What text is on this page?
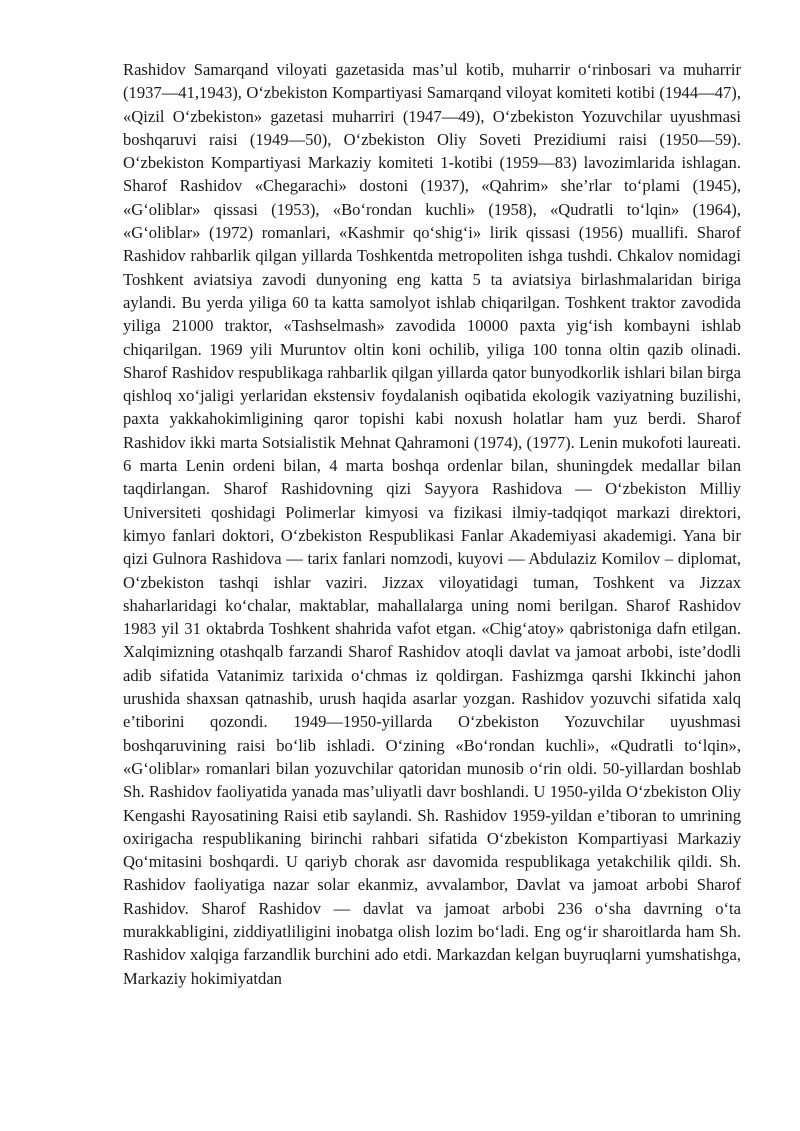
Rashidov Samarqand viloyati gazetasida mas’ul kotib, muharrir o‘rinbosari va muharrir (1937—41,1943), O‘zbekiston Kompartiyasi Samarqand viloyat komiteti kotibi (1944—47), «Qizil O‘zbekiston» gazetasi muharriri (1947—49), O‘zbekiston Yozuvchilar uyushmasi boshqaruvi raisi (1949—50), O‘zbekiston Oliy Soveti Prezidiumi raisi (1950—59). O‘zbekiston Kompartiyasi Markaziy komiteti 1-kotibi (1959—83) lavozimlarida ishlagan. Sharof Rashidov «Chegarachi» dostoni (1937), «Qahrim» she’rlar to‘plami (1945), «G‘oliblar» qissasi (1953), «Bo‘rondan kuchli» (1958), «Qudratli to‘lqin» (1964), «G‘oliblar» (1972) romanlari, «Kashmir qo‘shig‘i» lirik qissasi (1956) muallifi. Sharof Rashidov rahbarlik qilgan yillarda Toshkentda metropoliten ishga tushdi. Chkalov nomidagi Toshkent aviatsiya zavodi dunyoning eng katta 5 ta aviatsiya birlashmalaridan biriga aylandi. Bu yerda yiliga 60 ta katta samolyot ishlab chiqarilgan. Toshkent traktor zavodida yiliga 21000 traktor, «Tashselmash» zavodida 10000 paxta yig‘ish kombayni ishlab chiqarilgan. 1969 yili Muruntov oltin koni ochilib, yiliga 100 tonna oltin qazib olinadi. Sharof Rashidov respublikaga rahbarlik qilgan yillarda qator bunyodkorlik ishlari bilan birga qishloq xo‘jaligi yerlaridan ekstensiv foydalanish oqibatida ekologik vaziyatning buzilishi, paxta yakkahokimligining qaror topishi kabi noxush holatlar ham yuz berdi. Sharof Rashidov ikki marta Sotsialistik Mehnat Qahramoni (1974), (1977). Lenin mukofoti laureati. 6 marta Lenin ordeni bilan, 4 marta boshqa ordenlar bilan, shuningdek medallar bilan taqdirlangan. Sharof Rashidovning qizi Sayyora Rashidova — O‘zbekiston Milliy Universiteti qoshidagi Polimerlar kimyosi va fizikasi ilmiy-tadqiqot markazi direktori, kimyo fanlari doktori, O‘zbekiston Respublikasi Fanlar Akademiyasi akademigi. Yana bir qizi Gulnora Rashidova — tarix fanlari nomzodi, kuyovi — Abdulaziz Komilov – diplomat, O‘zbekiston tashqi ishlar vaziri. Jizzax viloyatidagi tuman, Toshkent va Jizzax shaharlaridagi ko‘chalar, maktablar, mahallalarga uning nomi berilgan. Sharof Rashidov 1983 yil 31 oktabrda Toshkent shahrida vafot etgan. «Chig‘atoy» qabristoniga dafn etilgan. Xalqimizning otashqalb farzandi Sharof Rashidov atoqli davlat va jamoat arbobi, iste’dodli adib sifatida Vatanimiz tarixida o‘chmas iz qoldirgan. Fashizmga qarshi Ikkinchi jahon urushida shaxsan qatnashib, urush haqida asarlar yozgan. Rashidov yozuvchi sifatida xalq e’tiborini qozondi. 1949—1950-yillarda O‘zbekiston Yozuvchilar uyushmasi boshqaruvining raisi bo‘lib ishladi. O‘zining «Bo‘rondan kuchli», «Qudratli to‘lqin», «G‘oliblar» romanlari bilan yozuvchilar qatoridan munosib o‘rin oldi. 50-yillardan boshlab Sh. Rashidov faoliyatida yanada mas’uliyatli davr boshlandi. U 1950-yilda O‘zbekiston Oliy Kengashi Rayosatining Raisi etib saylandi. Sh. Rashidov 1959-yildan e’tiboran to umrining oxirigacha respublikaning birinchi rahbari sifatida O‘zbekiston Kompartiyasi Markaziy Qo‘mitasini boshqardi. U qariyb chorak asr davomida respublikaga yetakchilik qildi. Sh. Rashidov faoliyatiga nazar solar ekanmiz, avvalambor, Davlat va jamoat arbobi Sharof Rashidov. Sharof Rashidov — davlat va jamoat arbobi 236 o‘sha davrning o‘ta murakkabligini, ziddiyatliligini inobatga olish lozim bo‘ladi. Eng og‘ir sharoitlarda ham Sh. Rashidov xalqiga farzandlik burchini ado etdi. Markazdan kelgan buyruqlarni yumshatishga, Markaziy hokimiyatdan
